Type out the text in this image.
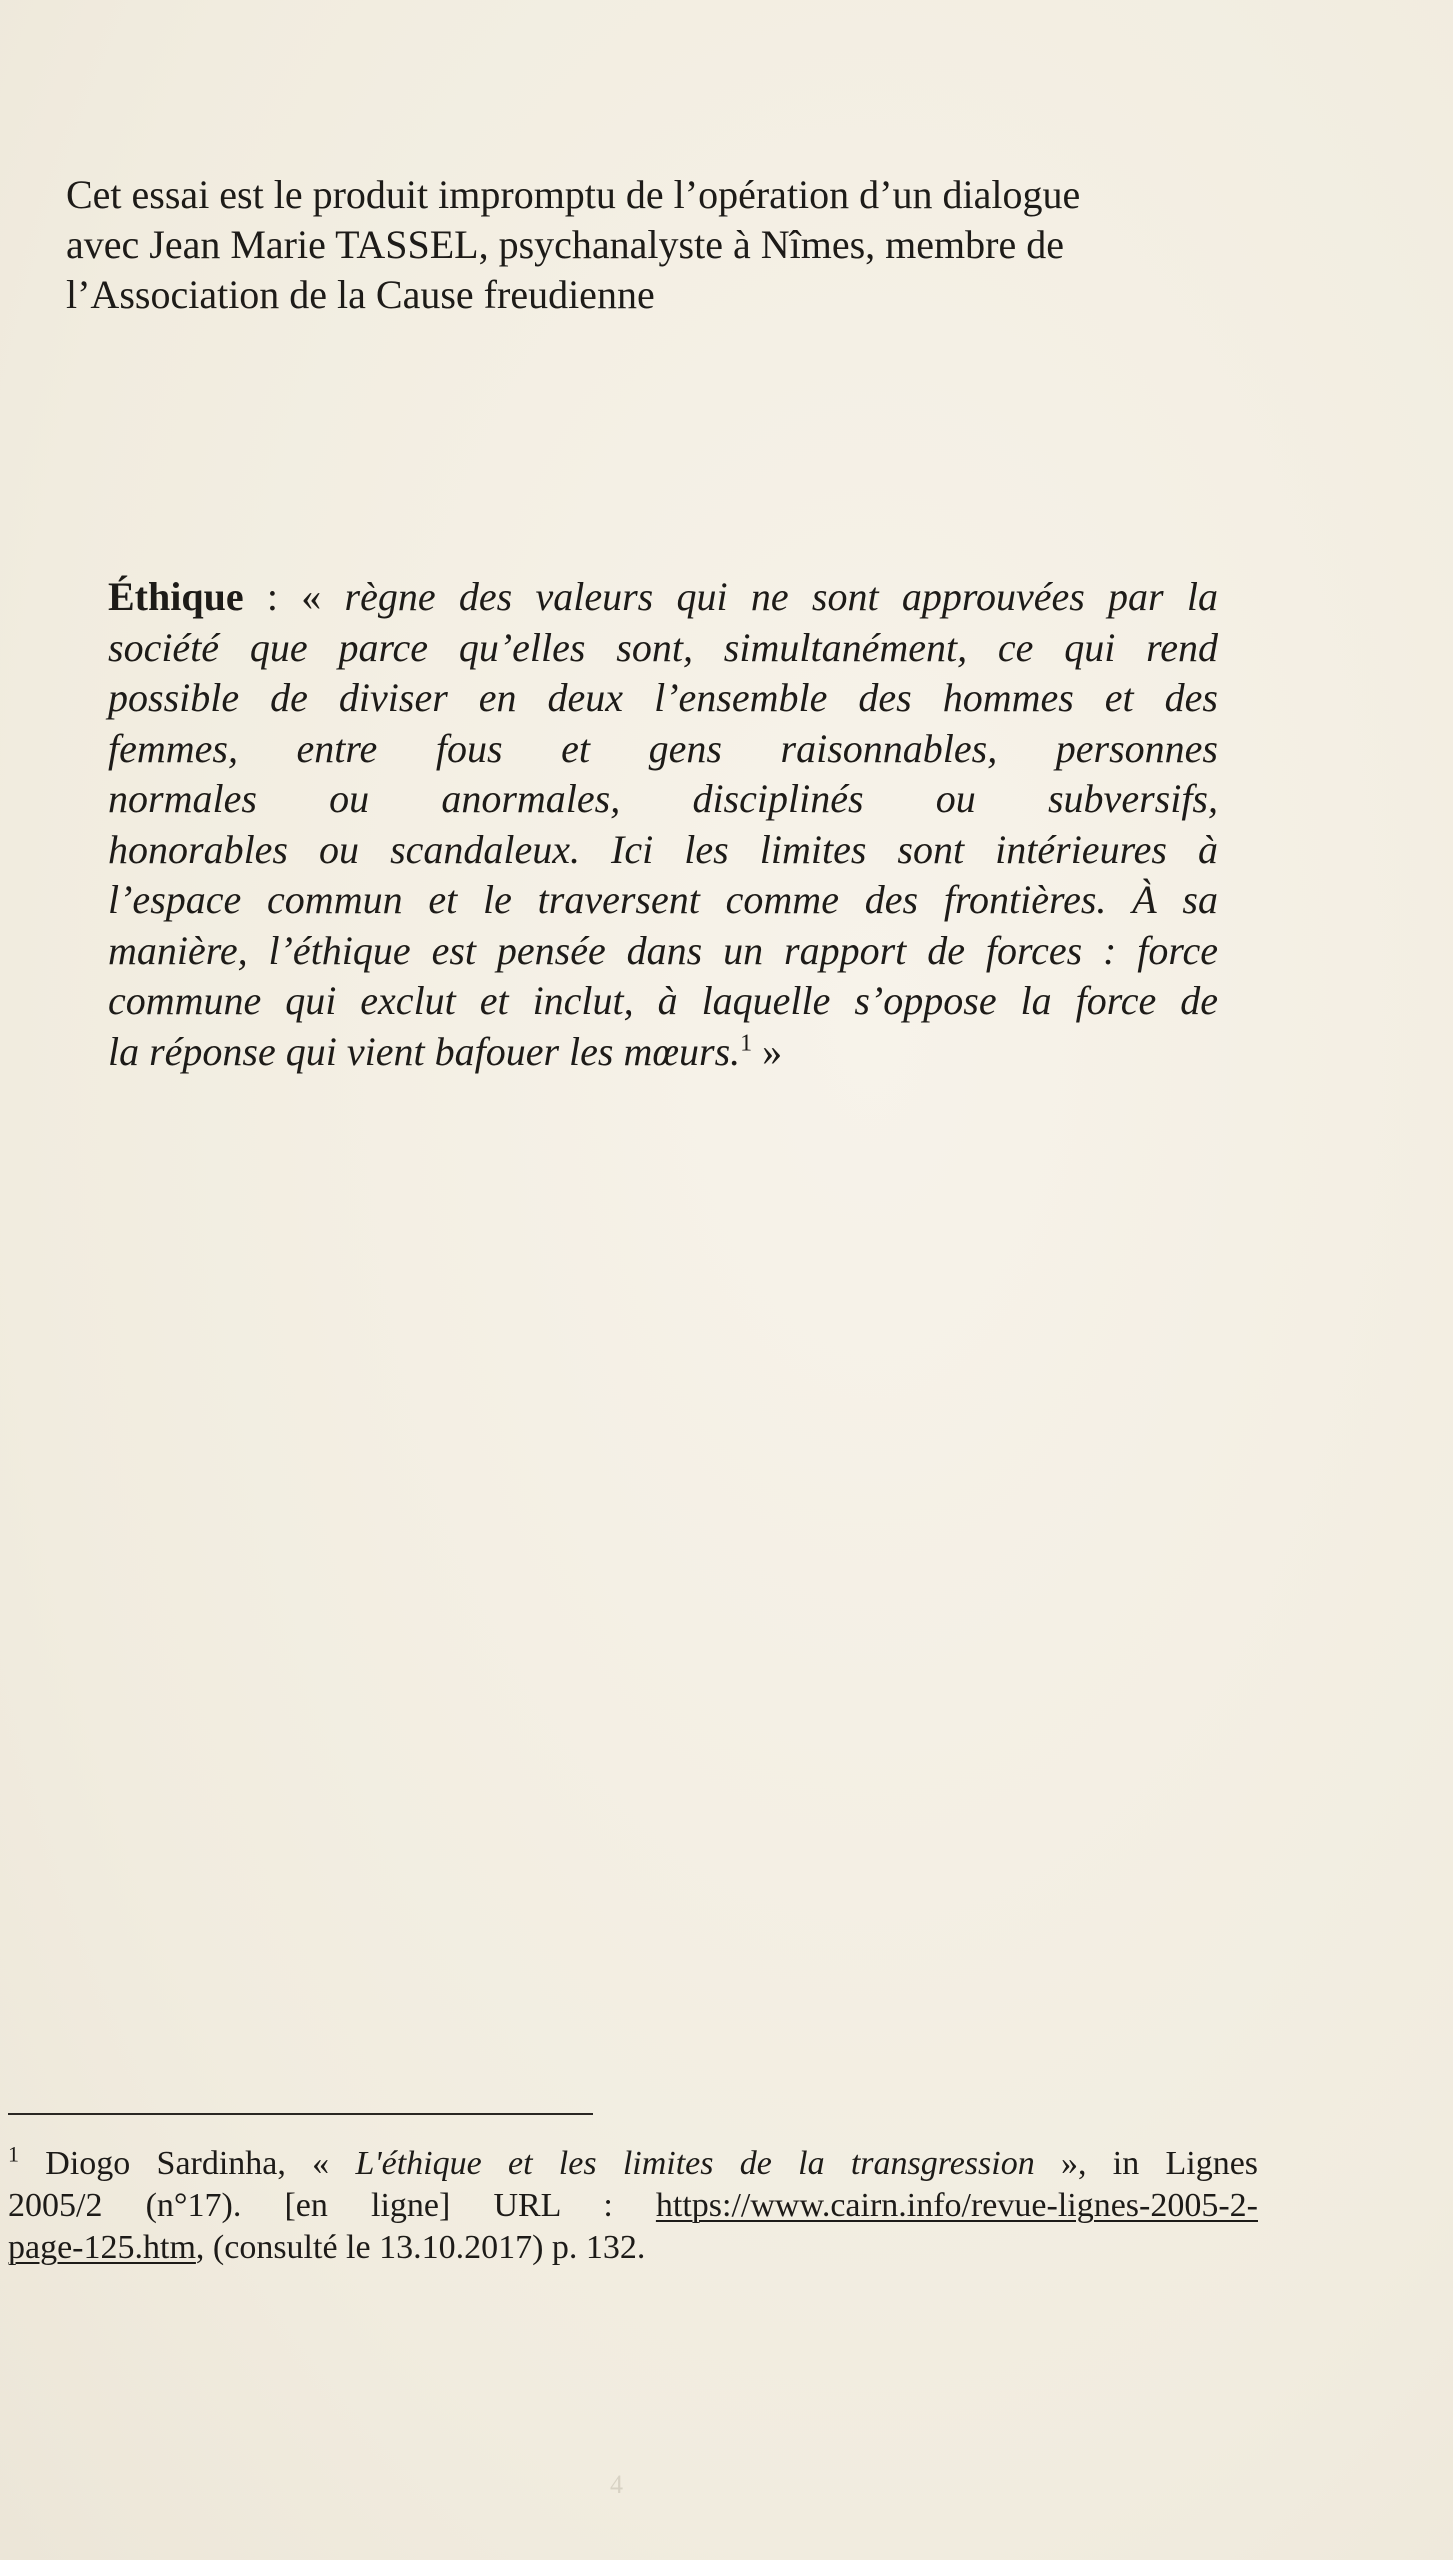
Cet essai est le produit impromptu de l’opération d’un dialogue
avec Jean Marie TASSEL, psychanalyste à Nîmes, membre de
l’Association de la Cause freudienne

Éthique : « règne des valeurs qui ne sont approuvées par la
société que parce qu’elles sont, simultanément, ce qui rend
possible de diviser en deux l’ensemble des hommes et des
femmes, entre fous et gens raisonnables, personnes
normales ou anormales, disciplinés ou subversifs,
honorables ou scandaleux. Ici les limites sont intérieures à
l’espace commun et le traversent comme des frontières. À sa
manière, l’éthique est pensée dans un rapport de forces : force
commune qui exclut et inclut, à laquelle s’oppose la force de
la réponse qui vient bafouer les mœurs.$^1$ »

$^1$ Diogo Sardinha, « L'éthique et les limites de la transgression », in Lignes
2005/2 (n°17). [en ligne] URL : https://www.cairn.info/revue-lignes-2005-2-
page-125.htm, (consulté le 13.10.2017) p. 132.

4
